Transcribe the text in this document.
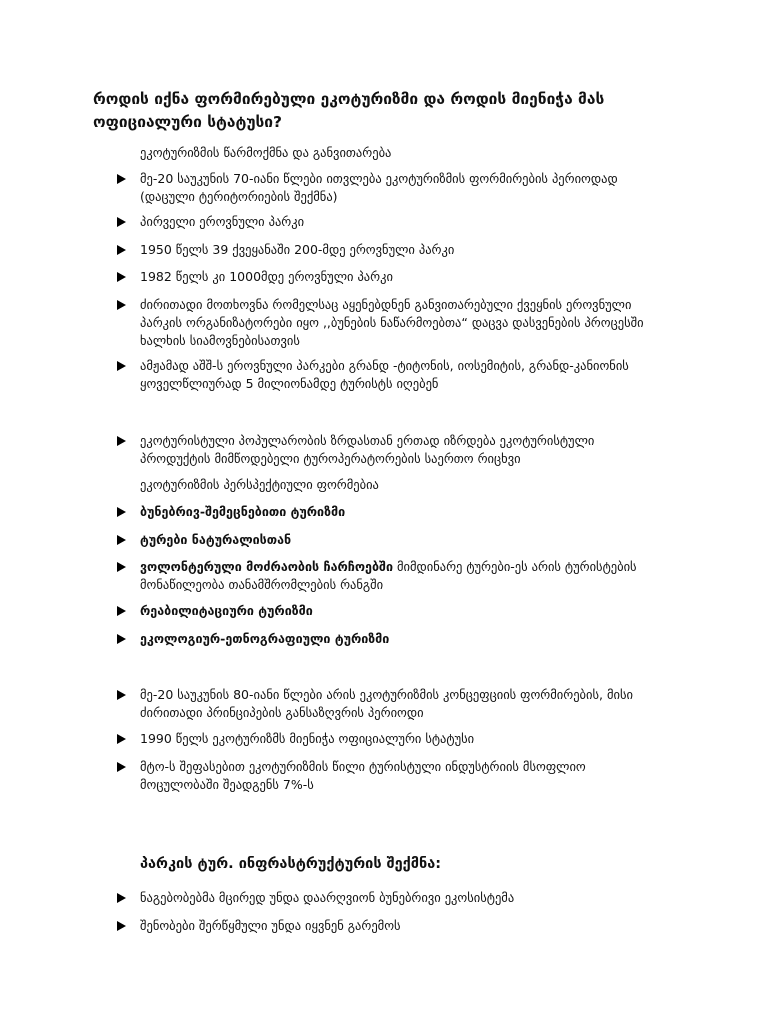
როდის იქნა ფორმირებული ეკოტურიზმი და როდის მიენიჭა მას ოფიციალური სტატუსი?

ეკოტურიზმის წარმოქმნა და განვითარება

მე-20 საუკუნის 70-იანი წლები ითვლება ეკოტურიზმის ფორმირების პერიოდად
(დაცული ტერიტორიების შექმნა)
პირველი ეროვნული პარკი
1950 წელს 39 ქვეყანაში 200-მდე ეროვნული პარკი
1982 წელს კი 1000მდე ეროვნული პარკი
ძირითადი მოთხოვნა რომელსაც აყენებდნენ განვითარებული ქვეყნის ეროვნული
პარკის ორგანიზატორები იყო ,,ბუნების ნაწარმოებთა“ დაცვა დასვენების პროცესში
ხალხის სიამოვნებისათვის
ამჟამად აშშ-ს ეროვნული პარკები გრანდ -ტიტონის, იოსემიტის, გრანდ-კანიონის
ყოველწლიურად 5 მილიონამდე ტურისტს იღებენ
ეკოტურისტული პოპულარობის ზრდასთან ერთად იზრდება ეკოტურისტული
პროდუქტის მიმწოდებელი ტუროპერატორების საერთო რიცხვი

ეკოტურიზმის პერსპექტიული ფორმებია

ბუნებრივ-შემეცნებითი ტურიზმი
ტურები ნატურალისთან
ვოლონტერული მოძრაობის ჩარჩოებში მიმდინარე ტურები-ეს არის ტურისტების
მონაწილეობა თანამშრომლების რანგში
რეაბილიტაციური ტურიზმი
ეკოლოგიურ-ეთნოგრაფიული ტურიზმი
მე-20 საუკუნის 80-იანი წლები არის ეკოტურიზმის კონცეფციის ფორმირების, მისი
ძირითადი პრინციპების განსაზღვრის პერიოდი
1990 წელს ეკოტურიზმს მიენიჭა ოფიციალური სტატუსი
მტო-ს შეფასებით ეკოტურიზმის წილი ტურისტული ინდუსტრიის მსოფლიო
მოცულობაში შეადგენს 7%-ს
პარკის ტურ. ინფრასტრუქტურის შექმნა:
ნაგებობებმა მცირედ უნდა დაარღვიონ ბუნებრივი ეკოსისტემა
შენობები შერწყმული უნდა იყვნენ გარემოს
